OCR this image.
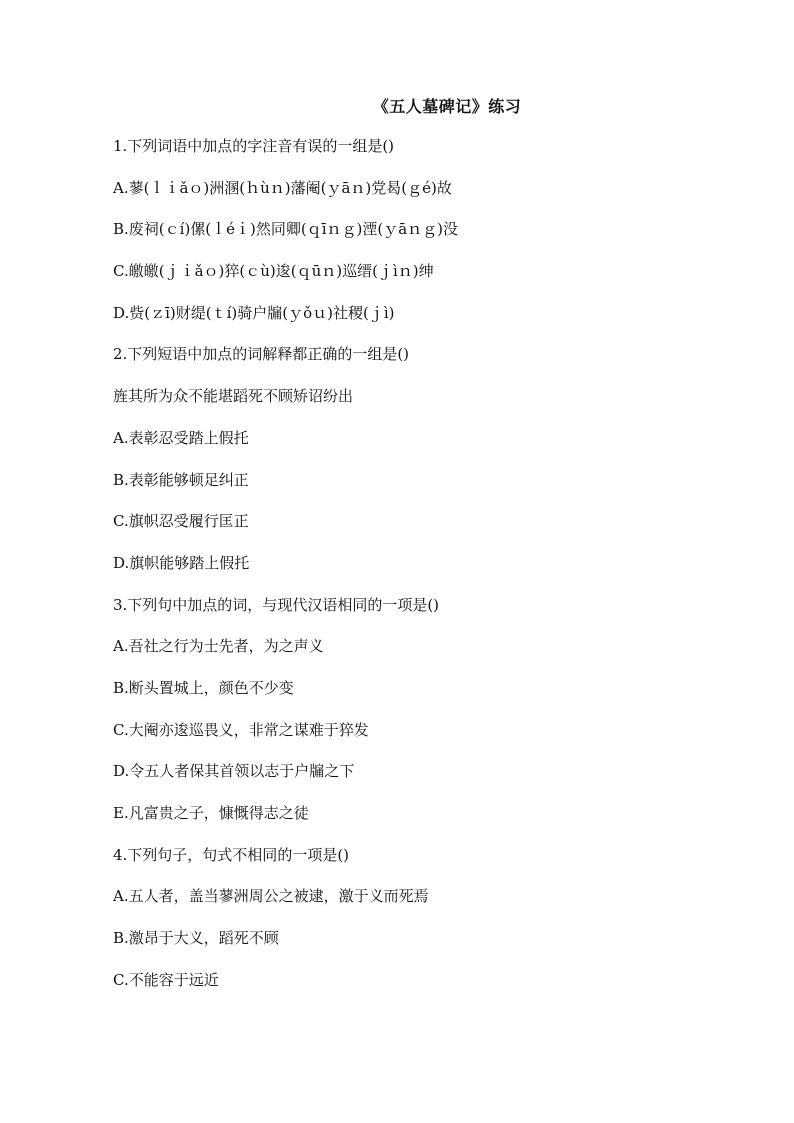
《五人墓碑记》练习
1.下列词语中加点的字注音有误的一组是()
A.蓼(ｌｉǎｏ)洲溷(ｈùｎ)藩阉(ｙāｎ)党曷(ｇé)故
B.废祠(ｃí)傫(ｌéｉ)然同卿(ｑīｎｇ)湮(ｙāｎｇ)没
C.皦皦(ｊｉǎｏ)猝(ｃù)逡(ｑūｎ)巡缙(ｊìｎ)绅
D.赀(ｚī)财缇(ｔí)骑户牖(ｙǒｕ)社稷(ｊì)
2.下列短语中加点的词解释都正确的一组是()
旌其所为众不能堪蹈死不顾矫诏纷出
A.表彰忍受踏上假托
B.表彰能够顿足纠正
C.旗帜忍受履行匡正
D.旗帜能够踏上假托
3.下列句中加点的词，与现代汉语相同的一项是()
A.吾社之行为士先者，为之声义
B.断头置城上，颜色不少变
C.大阉亦逡巡畏义，非常之谋难于猝发
D.令五人者保其首领以志于户牖之下
E.凡富贵之子，慷慨得志之徒
4.下列句子，句式不相同的一项是()
A.五人者，盖当蓼洲周公之被逮，激于义而死焉
B.激昂于大义，蹈死不顾
C.不能容于远近
